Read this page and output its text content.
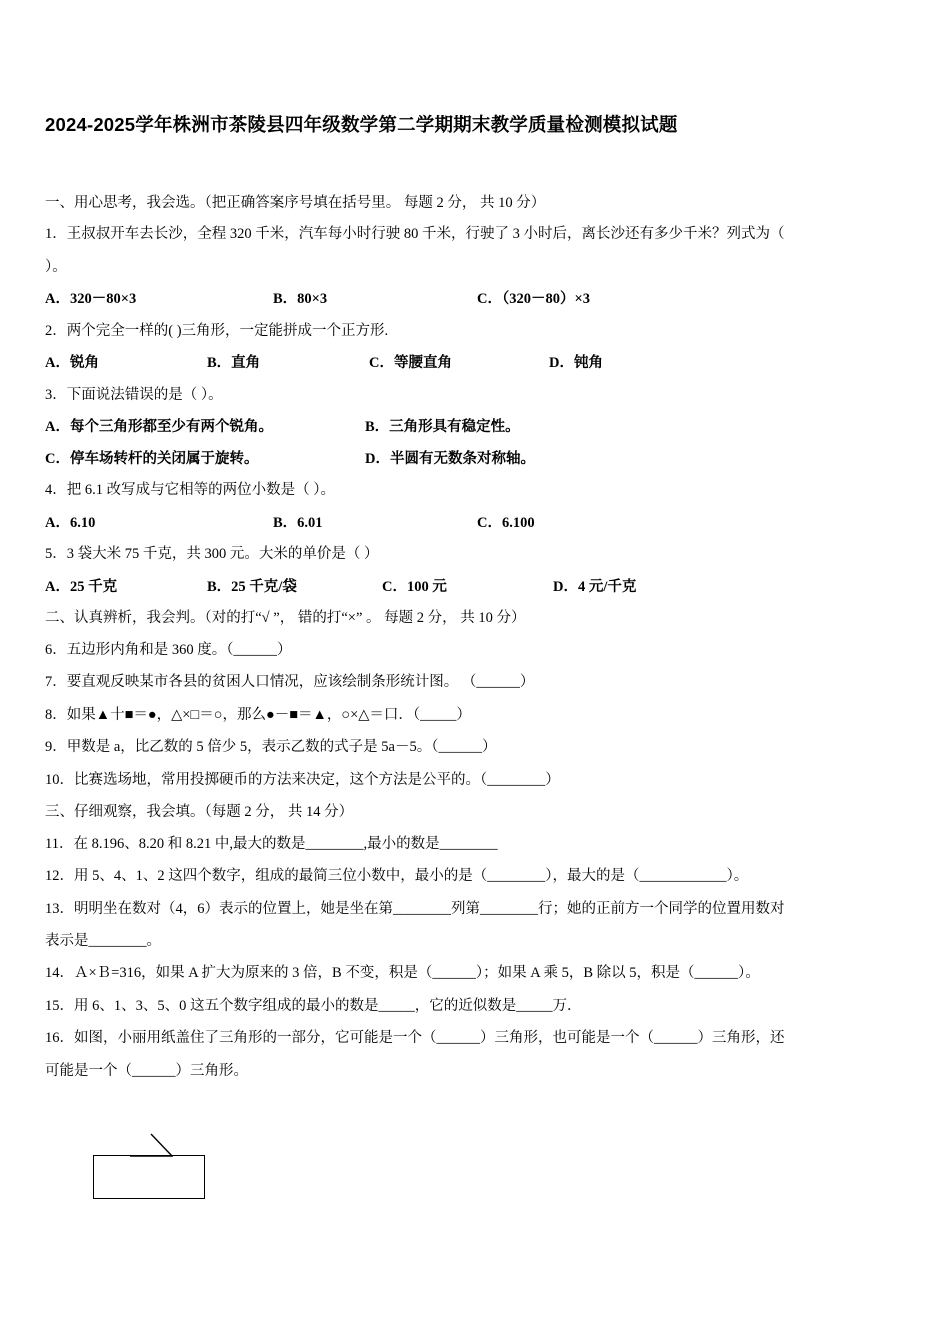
2024-2025学年株洲市茶陵县四年级数学第二学期期末教学质量检测模拟试题
一、用心思考，我会选。（把正确答案序号填在括号里。 每题 2 分， 共 10 分）
1．王叔叔开车去长沙，全程 320 千米，汽车每小时行驶 80 千米，行驶了 3 小时后，离长沙还有多少千米？列式为（
）。
A．320－80×3	B．80×3	C．（320－80）×3
2．两个完全一样的( )三角形，一定能拼成一个正方形.
A．锐角	B．直角	C．等腰直角	D．钝角
3．下面说法错误的是（ ）。
A．每个三角形都至少有两个锐角。	B．三角形具有稳定性。
C．停车场转杆的关闭属于旋转。	D．半圆有无数条对称轴。
4．把 6.1 改写成与它相等的两位小数是（ ）。
A．6.10	B．6.01	C．6.100
5．3 袋大米 75 千克，共 300 元。大米的单价是（ ）
A．25 千克	B．25 千克/袋	C．100 元	D．4 元/千克
二、认真辨析，我会判。（对的打“√ ”， 错的打“×” 。 每题 2 分， 共 10 分）
6．五边形内角和是 360 度。（______）
7．要直观反映某市各县的贫困人口情况，应该绘制条形统计图。 （______）
8．如果▲十■＝●，△×□＝○，那么●－■＝▲，○×△＝口．（_____）
9．甲数是 a，比乙数的 5 倍少 5，表示乙数的式子是 5a－5。（______）
10．比赛选场地，常用投掷硬币的方法来决定，这个方法是公平的。（________）
三、仔细观察，我会填。（每题 2 分， 共 14 分）
11．在 8.196、8.20 和 8.21 中,最大的数是________,最小的数是________
12．用 5、4、1、2 这四个数字，组成的最简三位小数中，最小的是（________），最大的是（____________）。
13．明明坐在数对（4，6）表示的位置上，她是坐在第________列第________行；她的正前方一个同学的位置用数对
表示是________。
14．Ａ×Ｂ=316，如果 A 扩大为原来的 3 倍，B 不变，积是（______）；如果 A 乘 5，B 除以 5，积是（______）。
15．用 6、1、3、5、0 这五个数字组成的最小的数是_____，它的近似数是_____万．
16．如图，小丽用纸盖住了三角形的一部分，它可能是一个（______）三角形，也可能是一个（______）三角形，还
可能是一个（______）三角形。
